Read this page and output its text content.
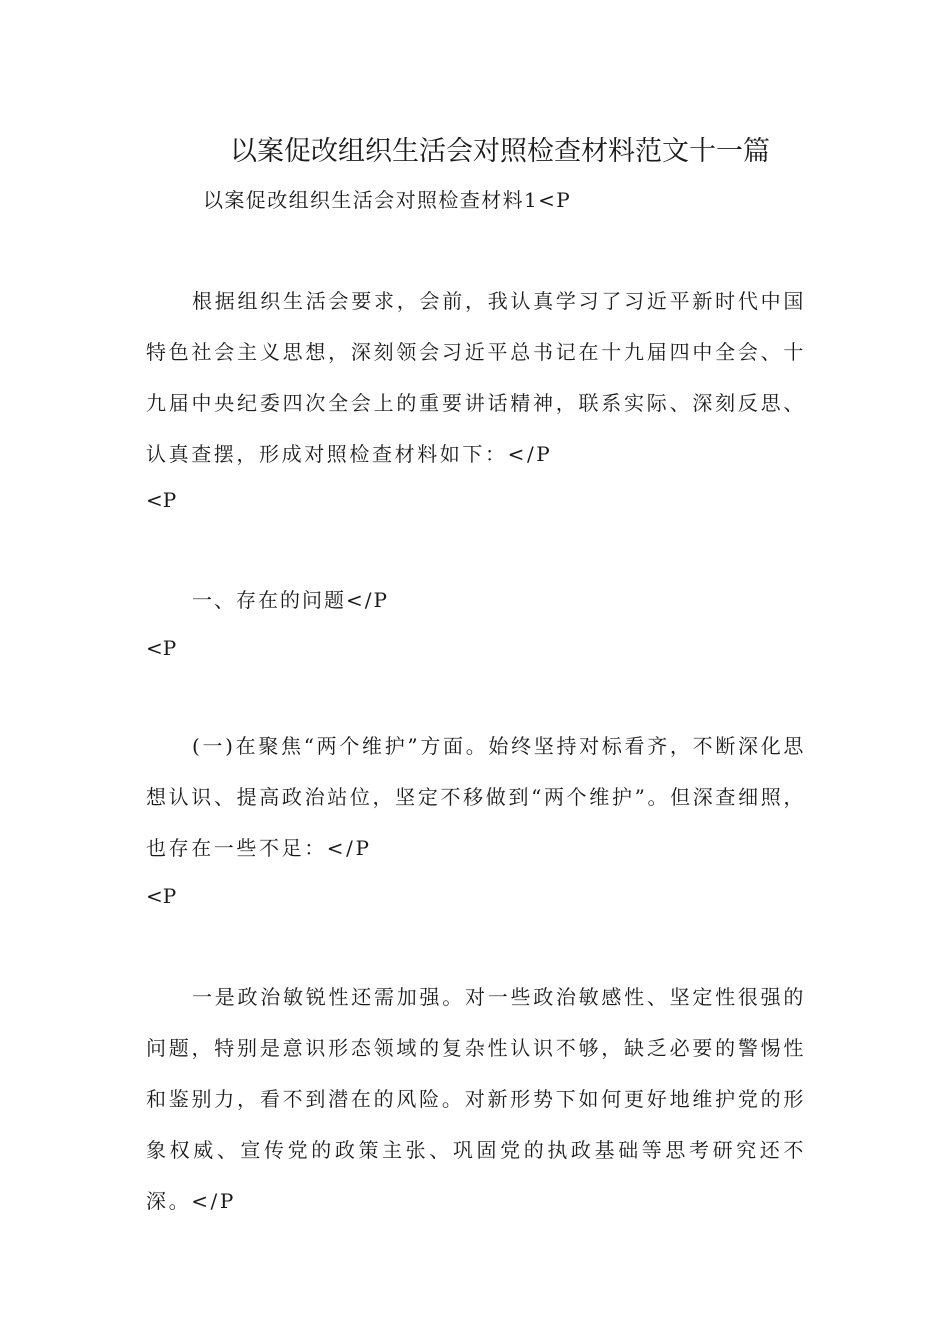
以案促改组织生活会对照检查材料范文十一篇
以案促改组织生活会对照检查材料1<P

根据组织生活会要求，会前，我认真学习了习近平新时代中国特色社会主义思想，深刻领会习近平总书记在十九届四中全会、十九届中央纪委四次全会上的重要讲话精神，联系实际、深刻反思、认真查摆，形成对照检查材料如下：</P

<P

一、存在的问题</P

<P

(一)在聚焦“两个维护”方面。始终坚持对标看齐，不断深化思想认识、提高政治站位，坚定不移做到“两个维护”。但深查细照，也存在一些不足：</P

<P

一是政治敏锐性还需加强。对一些政治敏感性、坚定性很强的问题，特别是意识形态领域的复杂性认识不够，缺乏必要的警惕性和鉴别力，看不到潜在的风险。对新形势下如何更好地维护党的形象权威、宣传党的政策主张、巩固党的执政基础等思考研究还不深。</P
